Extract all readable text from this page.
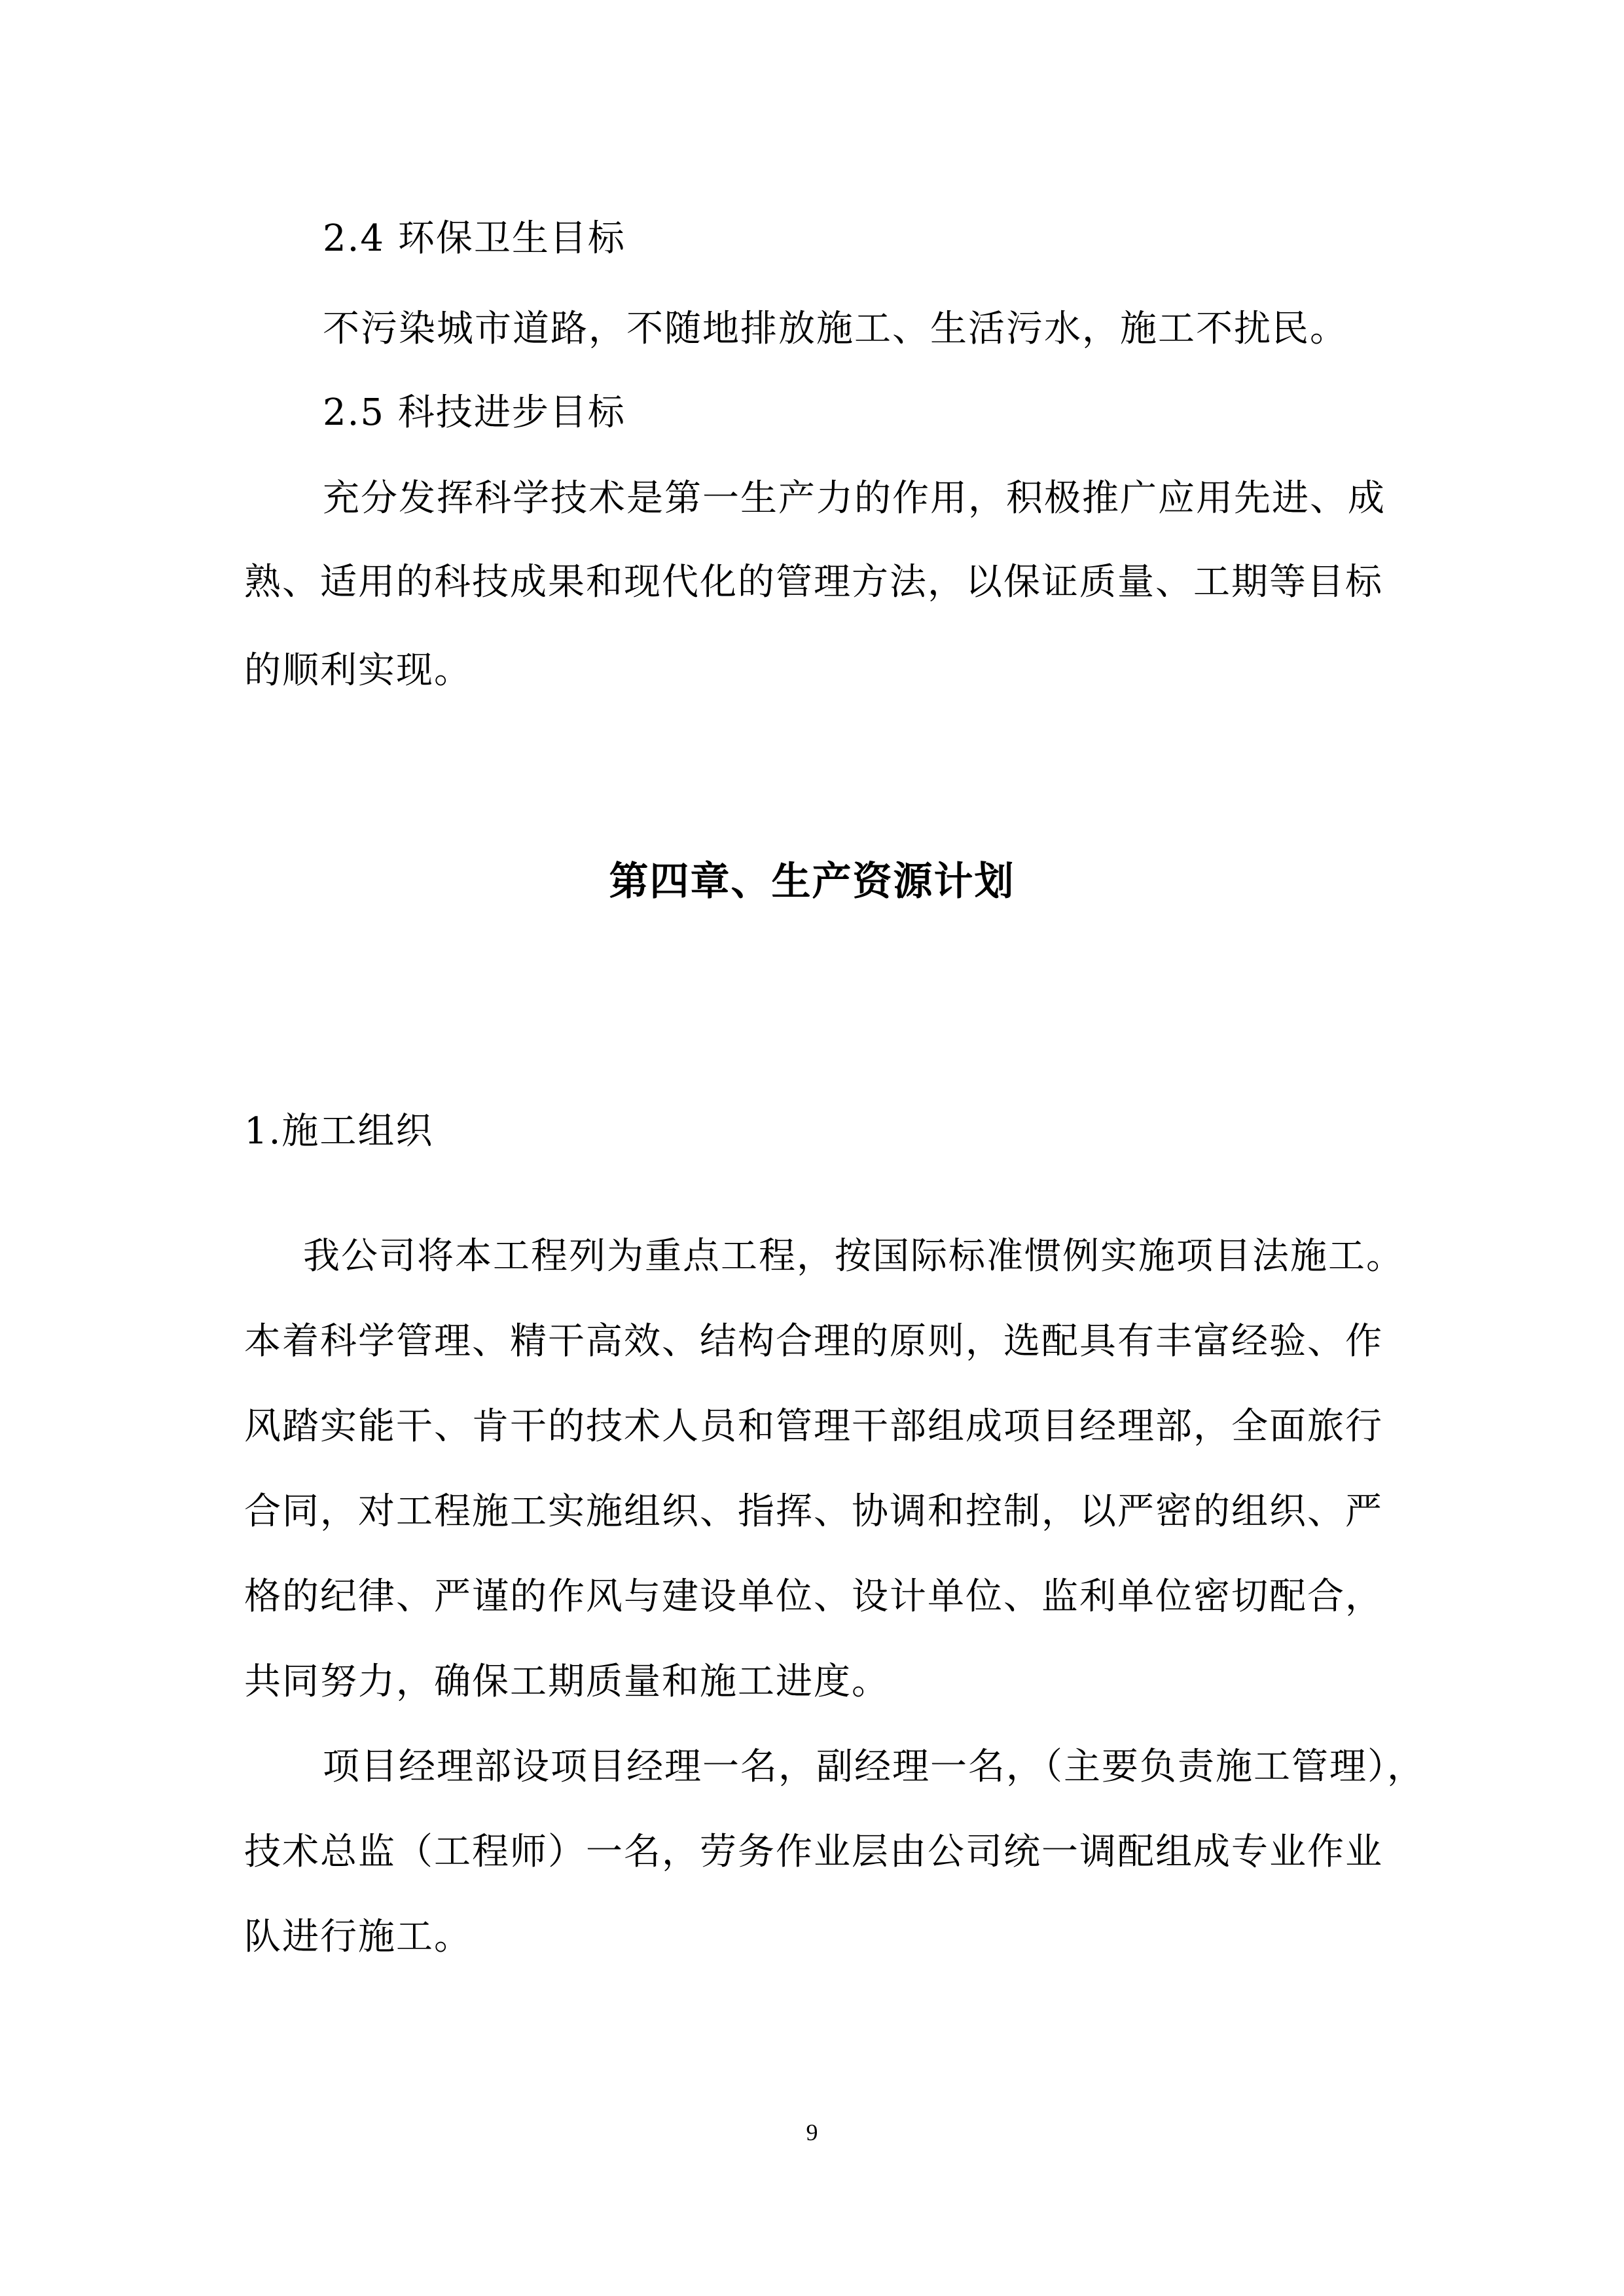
2.4 环保卫生目标
不污染城市道路，不随地排放施工、生活污水，施工不扰民。
2.5 科技进步目标
充分发挥科学技术是第一生产力的作用，积极推广应用先进、成
熟、适用的科技成果和现代化的管理方法，以保证质量、工期等目标
的顺利实现。
第四章、生产资源计划
1.施工组织
我公司将本工程列为重点工程，按国际标准惯例实施项目法施工。
本着科学管理、精干高效、结构合理的原则，选配具有丰富经验、作
风踏实能干、肯干的技术人员和管理干部组成项目经理部，全面旅行
合同，对工程施工实施组织、指挥、协调和控制，以严密的组织、严
格的纪律、严谨的作风与建设单位、设计单位、监利单位密切配合，
共同努力，确保工期质量和施工进度。
项目经理部设项目经理一名，副经理一名，（主要负责施工管理），
技术总监（工程师）一名，劳务作业层由公司统一调配组成专业作业
队进行施工。
9
